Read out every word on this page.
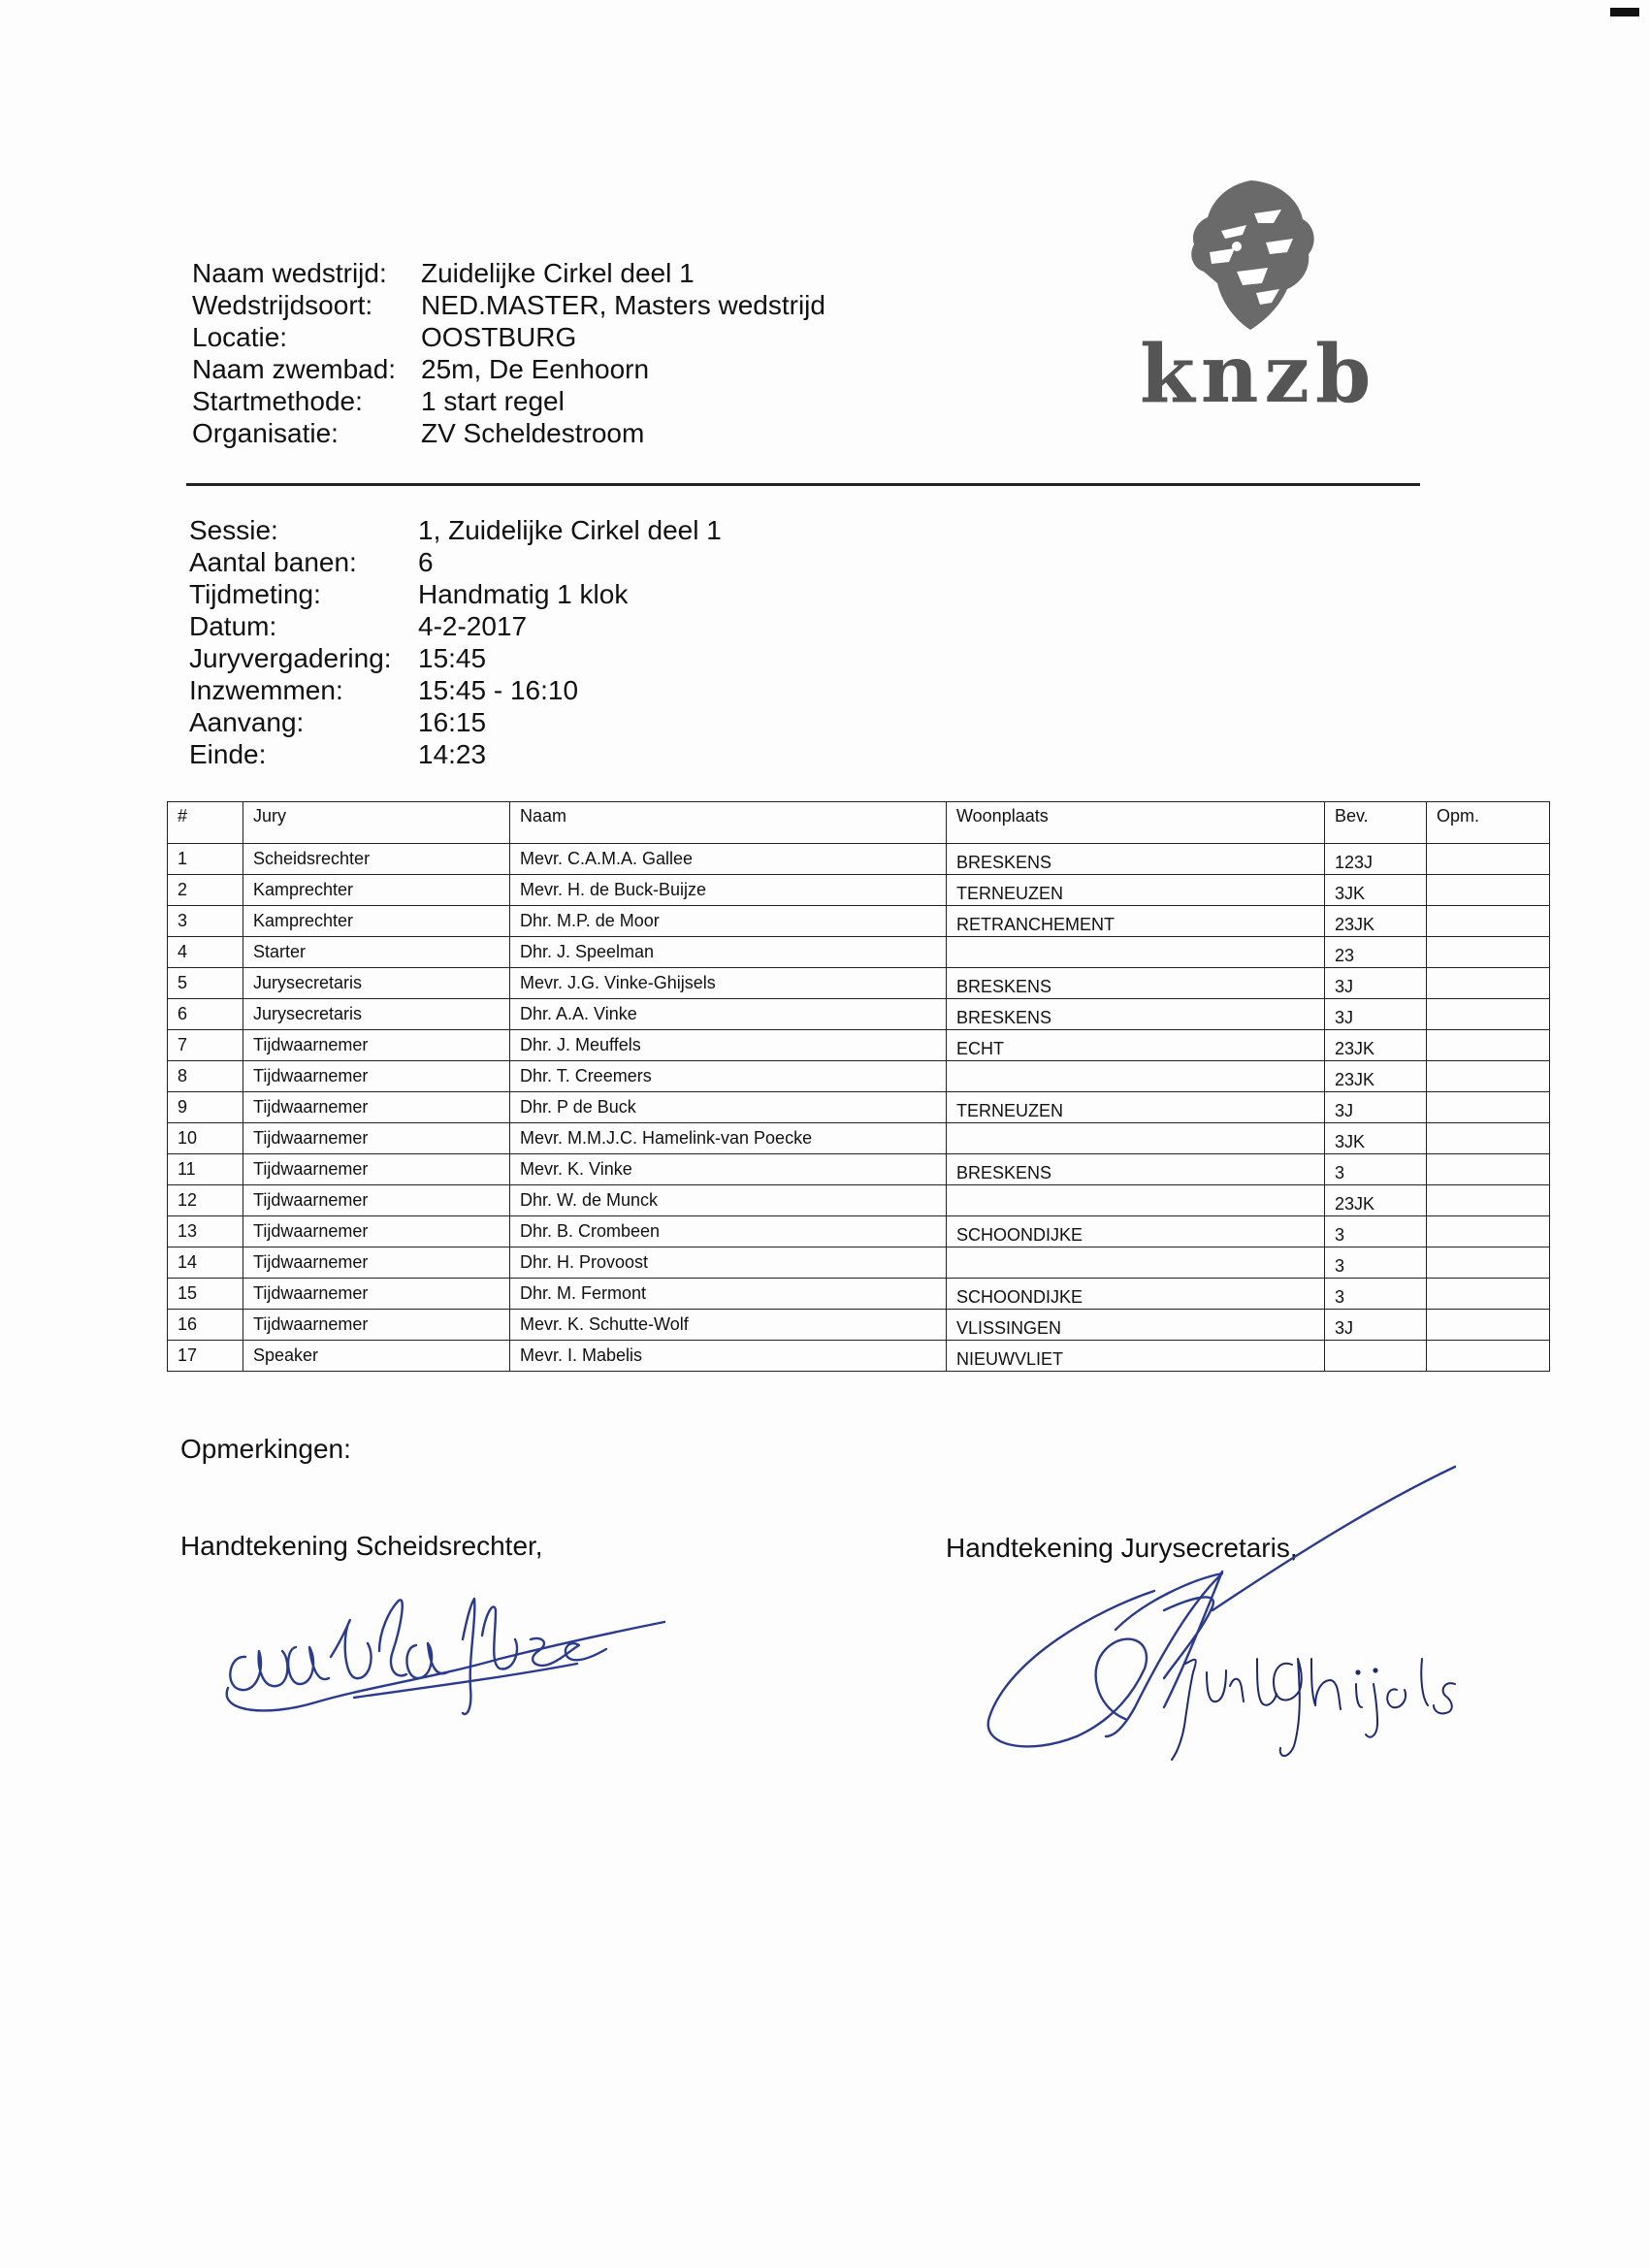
Naam wedstrijd:	Zuidelijke Cirkel deel 1
Wedstrijdsoort:	NED.MASTER, Masters wedstrijd
Locatie:	OOSTBURG
Naam zwembad: 25m, De Eenhoorn
Startmethode:	1 start regel
Organisatie:	ZV Scheldestroom
knzb
Sessie:	1, Zuidelijke Cirkel deel 1
Aantal banen:	6
Tijdmeting:	Handmatig 1 klok
Datum:	4-2-2017
Juryvergadering: 15:45
Inzwemmen:	15:45 - 16:10
Aanvang:	16:15
Einde:	14:23
#	Jury	Naam	Woonplaats	Bev.	Opm.
1	Scheidsrechter	Mevr. C.A.M.A. Gallee	BRESKENS	123J	
2	Kamprechter	Mevr. H. de Buck-Buijze	TERNEUZEN	3JK	
3	Kamprechter	Dhr. M.P. de Moor	RETRANCHEMENT	23JK	
4	Starter	Dhr. J. Speelman		23	
5	Jurysecretaris	Mevr. J.G. Vinke-Ghijsels	BRESKENS	3J	
6	Jurysecretaris	Dhr. A.A. Vinke	BRESKENS	3J	
7	Tijdwaarnemer	Dhr. J. Meuffels	ECHT	23JK	
8	Tijdwaarnemer	Dhr. T. Creemers		23JK	
9	Tijdwaarnemer	Dhr. P de Buck	TERNEUZEN	3J	
10	Tijdwaarnemer	Mevr. M.M.J.C. Hamelink-van Poecke		3JK	
11	Tijdwaarnemer	Mevr. K. Vinke	BRESKENS	3	
12	Tijdwaarnemer	Dhr. W. de Munck		23JK	
13	Tijdwaarnemer	Dhr. B. Crombeen	SCHOONDIJKE	3	
14	Tijdwaarnemer	Dhr. H. Provoost		3	
15	Tijdwaarnemer	Dhr. M. Fermont	SCHOONDIJKE	3	
16	Tijdwaarnemer	Mevr. K. Schutte-Wolf	VLISSINGEN	3J	
17	Speaker	Mevr. I. Mabelis	NIEUWVLIET		
Opmerkingen:
Handtekening Scheidsrechter,	Handtekening Jurysecretaris,
